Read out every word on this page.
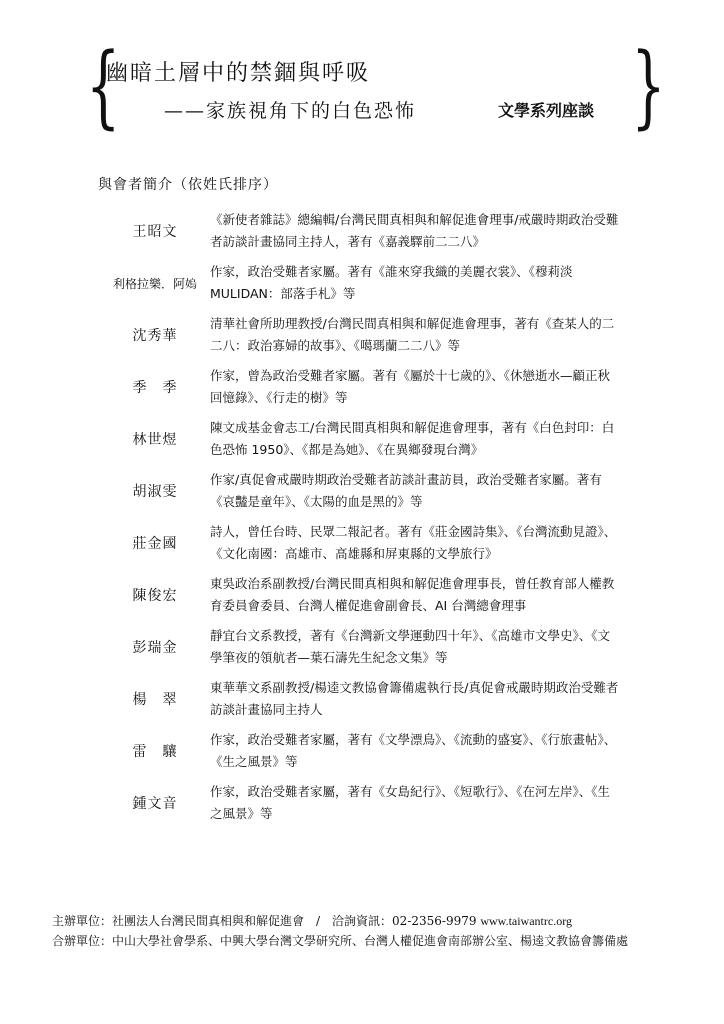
{
幽暗土層中的禁錮與呼吸
——家族視角下的白色恐怖	文學系列座談 }
與會者簡介（依姓氏排序）
王昭文
《新使者雜誌》總編輯/台灣民間真相與和解促進會理事/戒嚴時期政治受難者訪談計畫協同主持人，著有《嘉義驛前二二八》
利格拉樂．阿𡠄
作家，政治受難者家屬。著有《誰來穿我織的美麗衣裳》、《穆莉淡 MULIDAN：部落手札》等
沈秀華
清華社會所助理教授/台灣民間真相與和解促進會理事，著有《查某人的二二八：政治寡婦的故事》、《噶瑪蘭二二八》等
季　季
作家，曾為政治受難者家屬。著有《屬於十七歲的》、《休戀逝水—顧正秋回憶錄》、《行走的樹》等
林世煜
陳文成基金會志工/台灣民間真相與和解促進會理事，著有《白色封印：白色恐怖 1950》、《都是為她》、《在異鄉發現台灣》
胡淑雯
作家/真促會戒嚴時期政治受難者訪談計畫訪員，政治受難者家屬。著有《哀豔是童年》、《太陽的血是黑的》等
莊金國
詩人，曾任台時、民眾二報記者。著有《莊金國詩集》、《台灣流動見證》、《文化南國：高雄市、高雄縣和屏東縣的文學旅行》
陳俊宏
東吳政治系副教授/台灣民間真相與和解促進會理事長，曾任教育部人權教育委員會委員、台灣人權促進會副會長、AI 台灣總會理事
彭瑞金
靜宜台文系教授，著有《台灣新文學運動四十年》、《高雄市文學史》、《文學筆夜的領航者—葉石濤先生紀念文集》等
楊　翠
東華華文系副教授/楊逵文教協會籌備處執行長/真促會戒嚴時期政治受難者訪談計畫協同主持人
雷　驤
作家，政治受難者家屬，著有《文學漂鳥》、《流動的盛宴》、《行旅畫帖》、《生之風景》等
鍾文音
作家，政治受難者家屬，著有《女島紀行》、《短歌行》、《在河左岸》、《生之風景》等
主辦單位：社團法人台灣民間真相與和解促進會　/　洽詢資訊：02-2356-9979 www.taiwantrc.org
合辦單位：中山大學社會學系、中興大學台灣文學研究所、台灣人權促進會南部辦公室、楊逵文教協會籌備處
